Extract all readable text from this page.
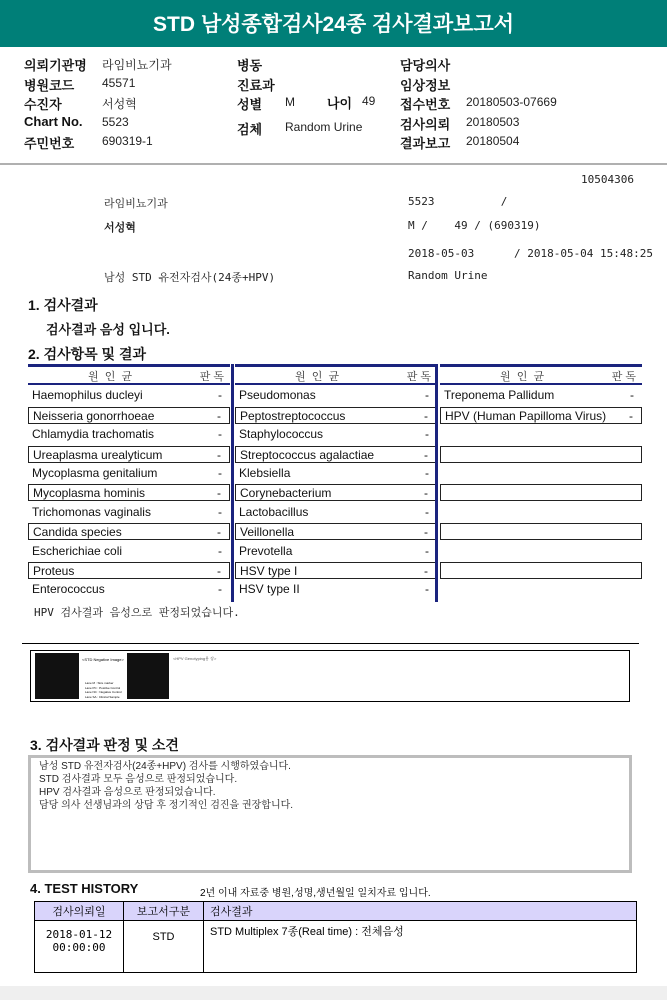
STD 남성종합검사24종 검사결과보고서
의뢰기관명 라임비뇨기과
병원코드 45571
수진자	서성혁
Chart No. 5523
주민번호 690319-1
병동
진료과
성별 M
검체 Random Urine
담당의사
임상정보
접수번호 20180503-07669
검사의뢰 20180503
결과보고 20180504
나이 49
10504306
라임비뇨기과	5523          /
서성혁	M /    49 / (690319)
2018-05-03      / 2018-05-04 15:48:25
남성 STD 유전자검사(24종+HPV)	Random Urine
1. 검사결과
검사결과 음성 입니다.
2. 검사항목 및 결과
원  인  균	판 독
Haemophilus ducleyi	-
Neisseria gonorrhoeae	-
Chlamydia trachomatis	-
Ureaplasma urealyticum	-
Mycoplasma genitalium	-
Mycoplasma hominis	-
Trichomonas vaginalis	-
Candida species	-
Escherichiae coli	-
Proteus	-
Enterococcus	-
원  인  균	판 독
Pseudomonas	-
Peptostreptococcus	-
Staphylococcus	-
Streptococcus agalactiae	-
Klebsiella	-
Corynebacterium	-
Lactobacillus	-
Veillonella	-
Prevotella	-
HSV type I	-
HSV type II	-
원  인  균	판 독
Treponema Pallidum	-
HPV (Human Papilloma Virus) -
HPV 검사결과 음성으로 판정되었습니다.
<STD Negative Image>
Lane M : Size marker
Lane PC : Positive Control
Lane NC : Negative Control
Lane SA : Clinical Sample
<HPV Genotyping용 장>
3. 검사결과 판정 및 소견
남성 STD 유전자검사(24종+HPV) 검사를 시행하였습니다.
STD 검사결과 모두 음성으로 판정되었습니다.
HPV 검사결과 음성으로 판정되었습니다.
담당 의사 선생님과의 상담 후 정기적인 검진을 권장합니다.
4. TEST HISTORY	2년 이내 자료중 병원,성명,생년월일 일치자료 입니다.
검사의뢰일	보고서구분	검사결과

2018-01-12
00:00:00	STD	STD Multiplex 7종(Real time) : 전체음성
